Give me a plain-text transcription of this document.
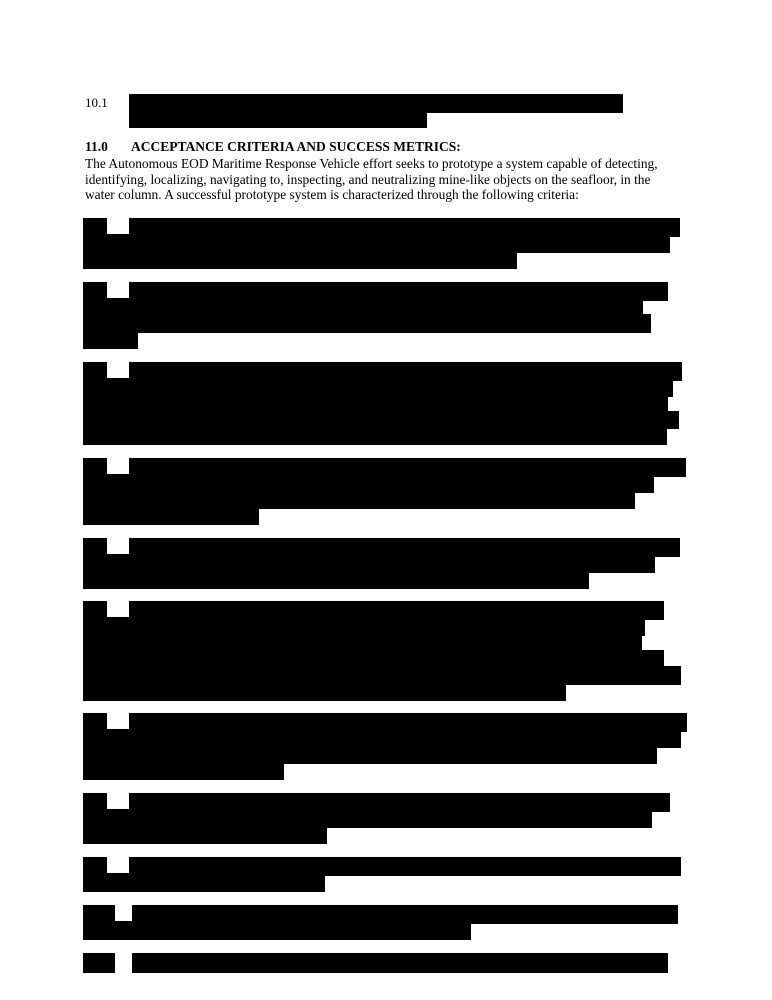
10.1
11.0 ACCEPTANCE CRITERIA AND SUCCESS METRICS:

The Autonomous EOD Maritime Response Vehicle effort seeks to prototype a system capable of detecting,

identifying, localizing, navigating to, inspecting, and neutralizing mine-like objects on the seafloor, in the

water column. A successful prototype system is characterized through the following criteria:
